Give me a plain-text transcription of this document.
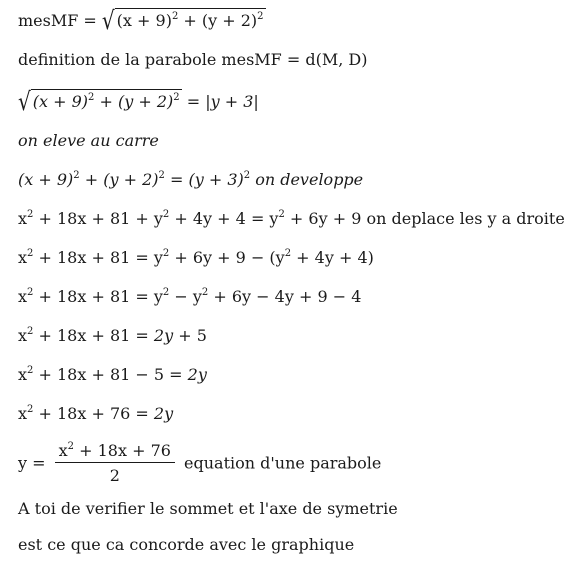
mesMF = √ $(x + 9)^2 + (y + 2)^2$
definition de la parabole mesMF = d(M, D)
√ $(x + 9)^2 + (y + 2)^2 = |y + 3|$
on eleve au carre
$(x + 9)^2 + (y + 2)^2 = (y + 3)^2$ on developpe
$x^2 + 18x + 81 + y^2 + 4y + 4 = y^2 + 6y + 9$ on deplace les y a droite
$x^2 + 18x + 81 = y^2 + 6y + 9 - (y^2 + 4y + 4)$
$x^2 + 18x + 81 = y^2 - y^2 + 6y - 4y + 9 - 4$
$x^2 + 18x + 81 = 2y + 5$
$x^2 + 18x + 81 - 5 = 2y$
$x^2 + 18x + 76 = 2y$
$y = \frac{x^2 + 18x + 76}{2}$ equation d'une parabole
A toi de verifier le sommet et l'axe de symetrie
est ce que ca concorde avec le graphique
